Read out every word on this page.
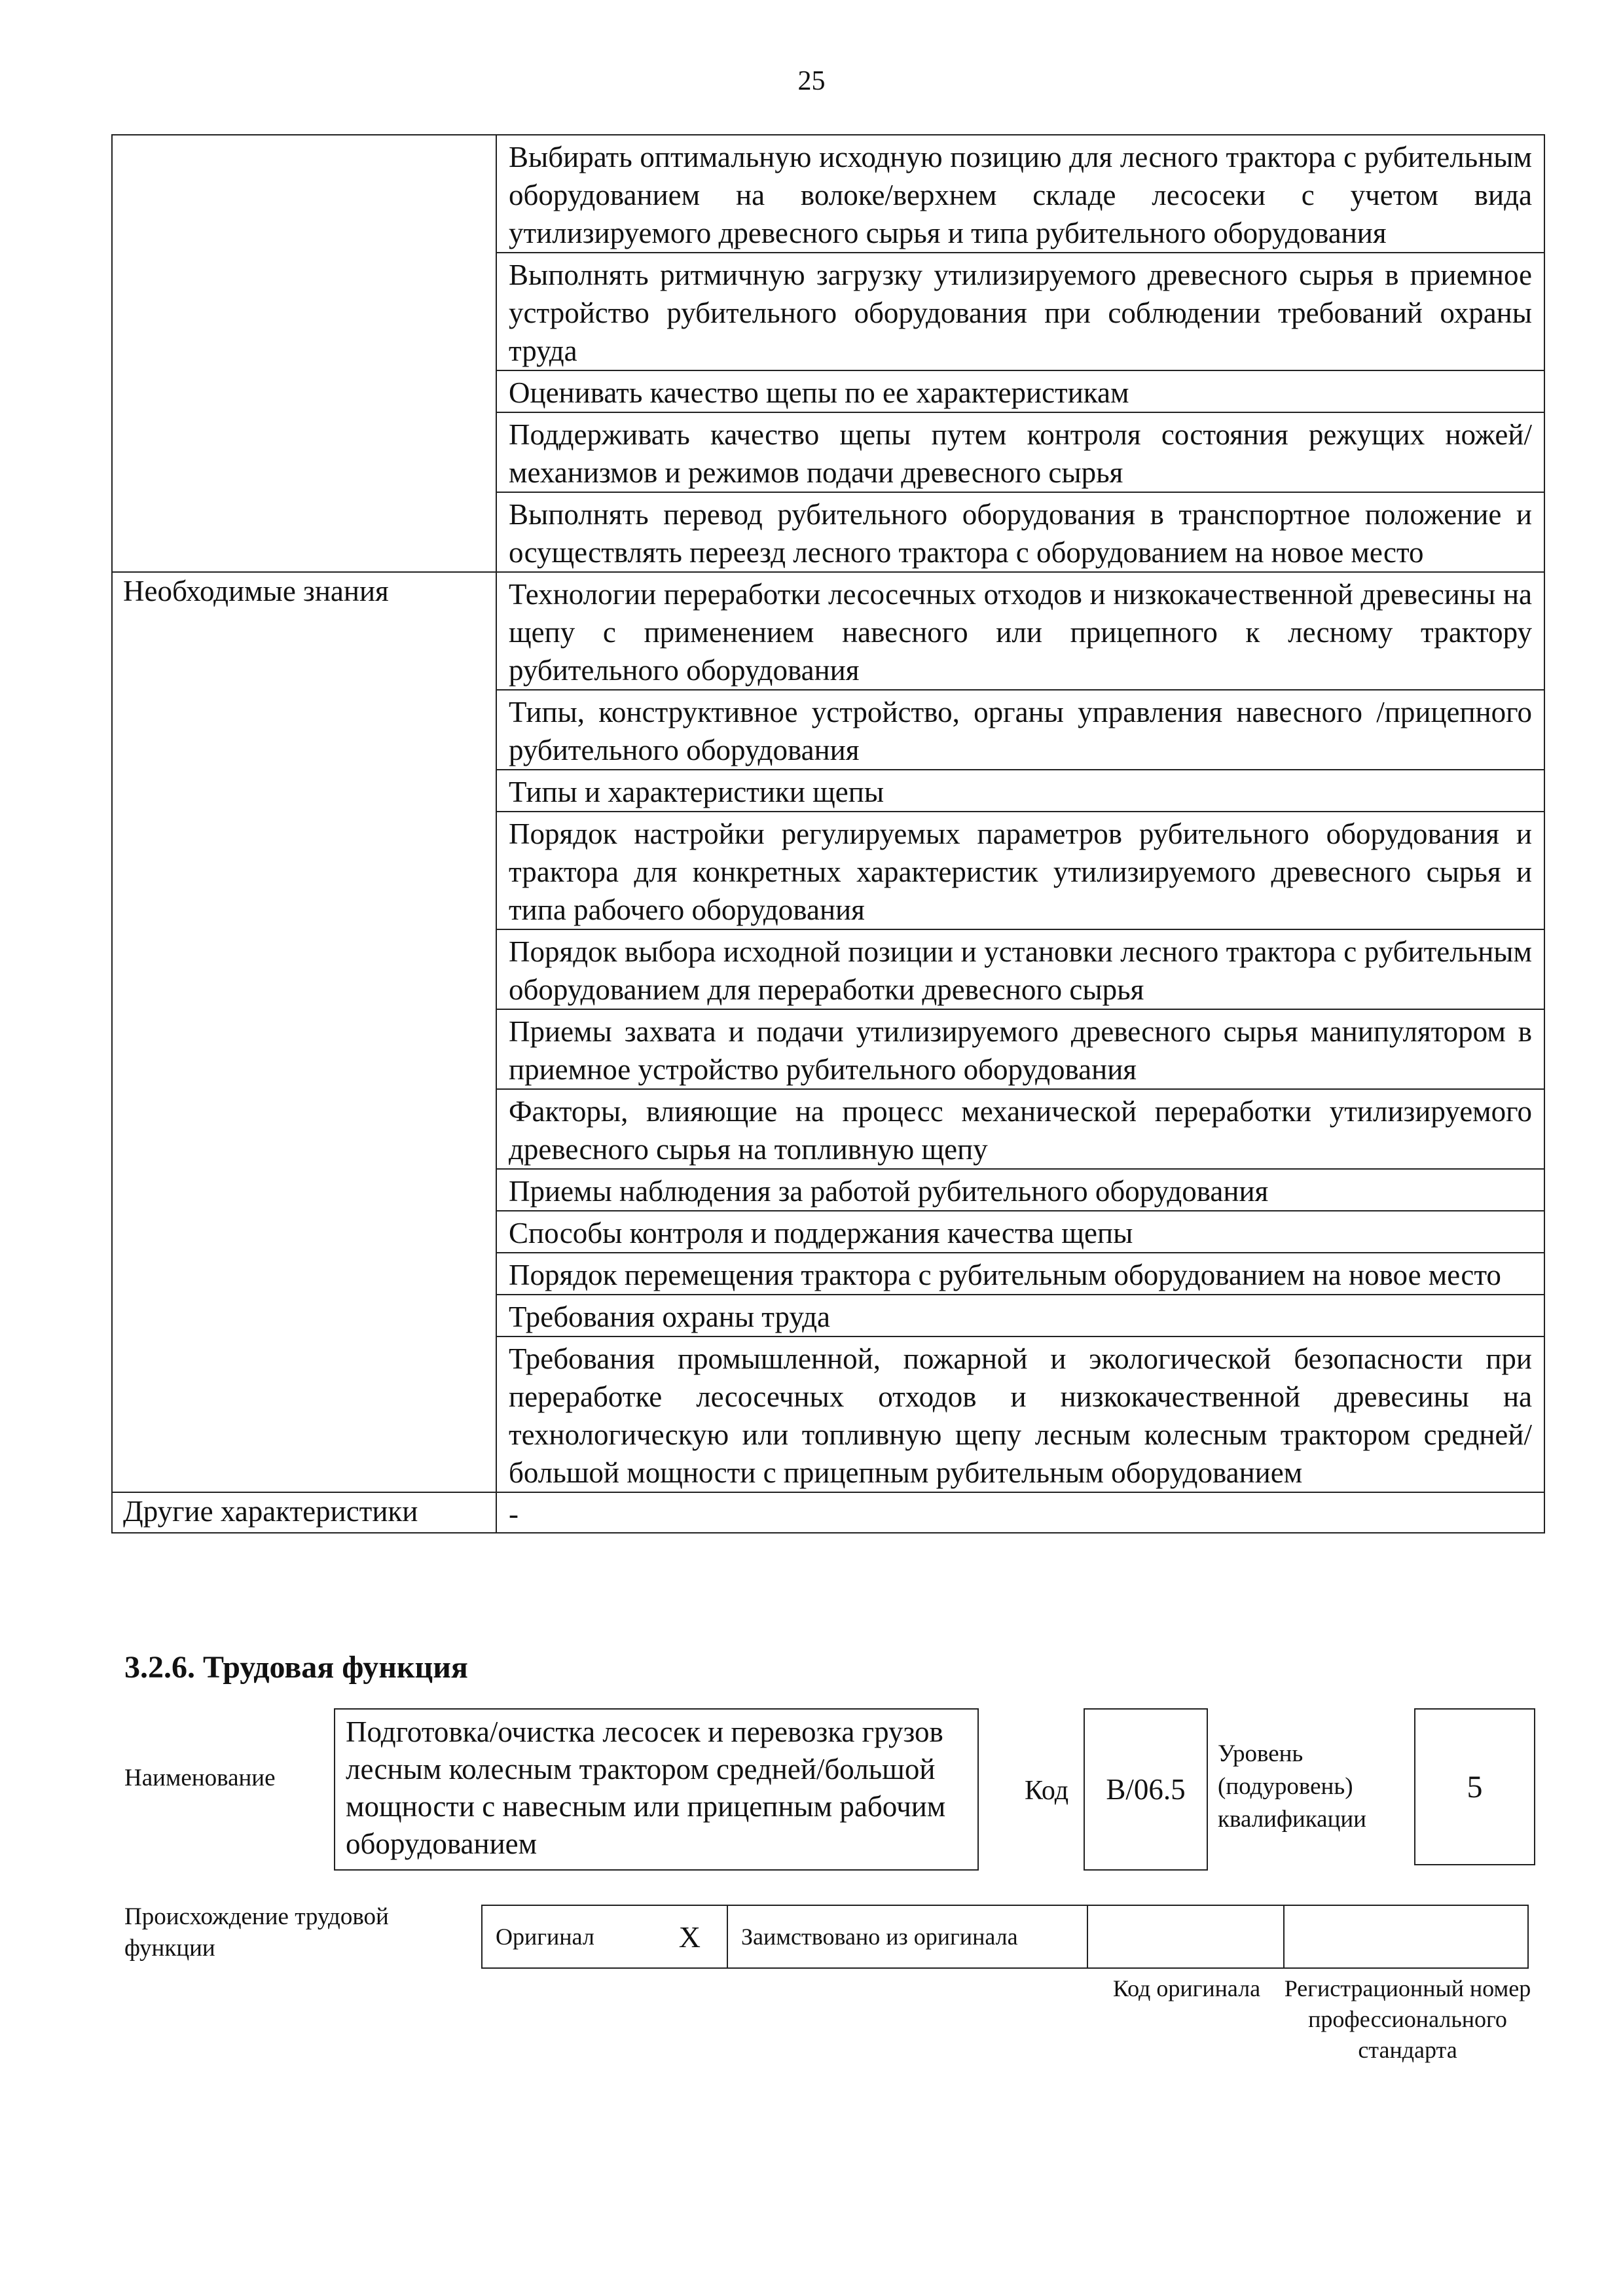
25
	Выбирать оптимальную исходную позицию для лесного трактора с рубительным оборудованием на волоке/верхнем складе лесосеки с учетом вида утилизируемого древесного сырья и типа рубительного оборудования
	Выполнять ритмичную загрузку утилизируемого древесного сырья в приемное устройство рубительного оборудования при соблюдении требований охраны труда
	Оценивать качество щепы по ее характеристикам
	Поддерживать качество щепы путем контроля состояния режущих ножей/механизмов и режимов подачи древесного сырья
	Выполнять перевод рубительного оборудования в транспортное положение и осуществлять переезд лесного трактора с оборудованием на новое место
Необходимые знания	Технологии переработки лесосечных отходов и низкокачественной древесины на щепу с применением навесного или прицепного к лесному трактору рубительного оборудования
	Типы, конструктивное устройство, органы управления навесного /прицепного рубительного оборудования
	Типы и характеристики щепы
	Порядок настройки регулируемых параметров рубительного оборудования и трактора для конкретных характеристик утилизируемого древесного сырья и типа рабочего оборудования
	Порядок выбора исходной позиции и установки лесного трактора с рубительным оборудованием для переработки древесного сырья
	Приемы захвата и подачи утилизируемого древесного сырья манипулятором в приемное устройство рубительного оборудования
	Факторы, влияющие на процесс механической переработки утилизируемого древесного сырья на топливную щепу
	Приемы наблюдения за работой рубительного оборудования
	Способы контроля и поддержания качества щепы
	Порядок перемещения трактора с рубительным оборудованием на новое место
	Требования охраны труда
	Требования промышленной, пожарной и экологической безопасности при переработке лесосечных отходов и низкокачественной древесины на технологическую или топливную щепу лесным колесным трактором средней/большой мощности с прицепным рубительным оборудованием
Другие характеристики	-
3.2.6. Трудовая функция
Наименование
Подготовка/очистка лесосек и перевозка грузов лесным колесным трактором средней/большой мощности с навесным или прицепным рабочим оборудованием
Код	B/06.5
Уровень (подуровень) квалификации
5
Происхождение трудовой функции	Оригинал	X	Заимствовано из оригинала
Код оригинала	Регистрационный номер профессионального стандарта
